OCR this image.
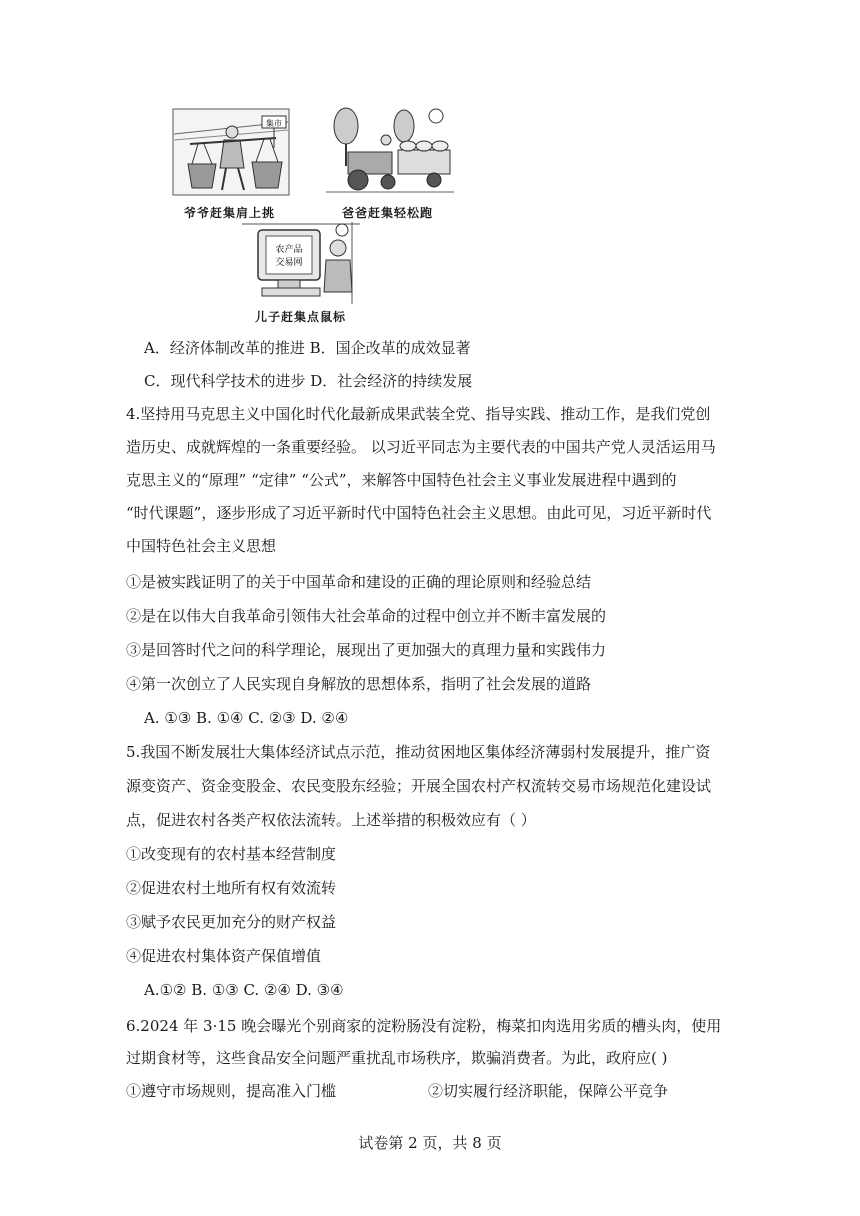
集市
爷爷赶集肩上挑	爸爸赶集轻松跑
农产品
交易网
儿子赶集点鼠标
A．经济体制改革的推进 B．国企改革的成效显著
C．现代科学技术的进步 D．社会经济的持续发展
4.坚持用马克思主义中国化时代化最新成果武装全党、指导实践、推动工作，是我们党创
造历史、成就辉煌的一条重要经验。 以习近平同志为主要代表的中国共产党人灵活运用马
克思主义的“原理” “定律” “公式”，来解答中国特色社会主义事业发展进程中遇到的
“时代课题”，逐步形成了习近平新时代中国特色社会主义思想。由此可见，习近平新时代
中国特色社会主义思想
①是被实践证明了的关于中国革命和建设的正确的理论原则和经验总结
②是在以伟大自我革命引领伟大社会革命的过程中创立并不断丰富发展的
③是回答时代之问的科学理论，展现出了更加强大的真理力量和实践伟力
④第一次创立了人民实现自身解放的思想体系，指明了社会发展的道路
A. ①③ B. ①④ C. ②③ D. ②④
5.我国不断发展壮大集体经济试点示范，推动贫困地区集体经济薄弱村发展提升，推广资
源变资产、资金变股金、农民变股东经验；开展全国农村产权流转交易市场规范化建设试
点，促进农村各类产权依法流转。上述举措的积极效应有（ ）
①改变现有的农村基本经营制度
②促进农村土地所有权有效流转
③赋予农民更加充分的财产权益
④促进农村集体资产保值增值
A.①② B. ①③ C. ②④ D. ③④
6.2024 年 3·15 晚会曝光个别商家的淀粉肠没有淀粉，梅菜扣肉选用劣质的槽头肉，使用
过期食材等，这些食品安全问题严重扰乱市场秩序，欺骗消费者。为此，政府应( )
①遵守市场规则，提高准入门槛	②切实履行经济职能，保障公平竞争
试卷第 2 页，共 8 页
